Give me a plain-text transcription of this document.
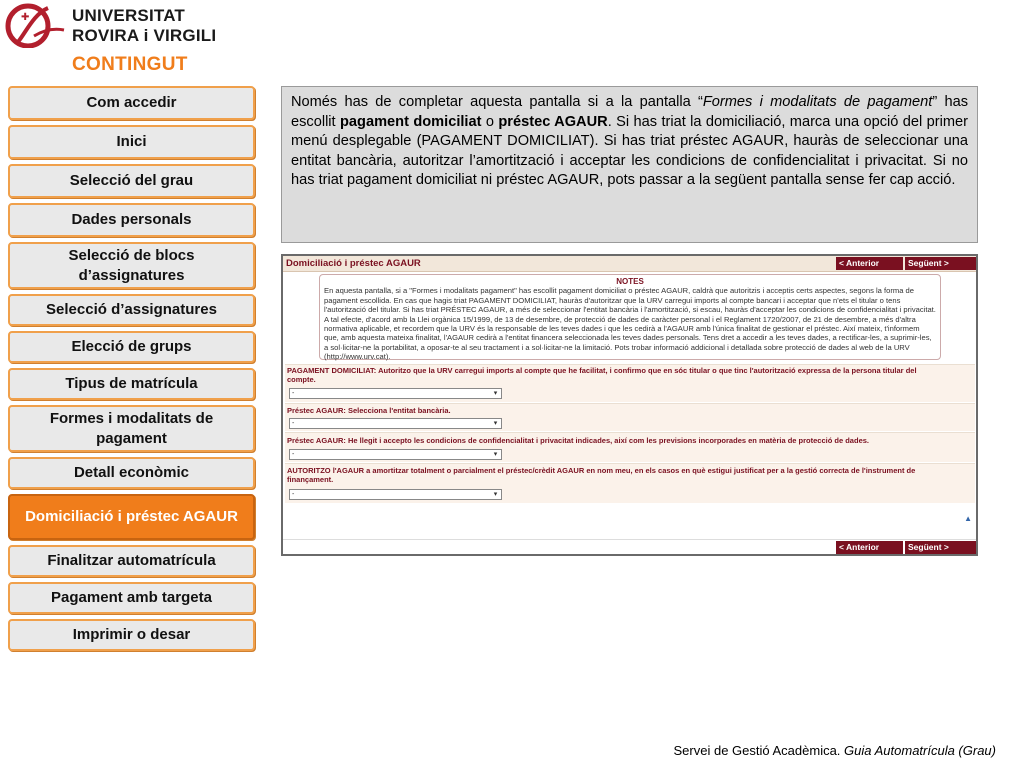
✚	UNIVERSITAT
ROVIRA i VIRGILI
CONTINGUT
Com accedir
Inici
Selecció del grau
Dades personals
Selecció de blocs d’assignatures
Selecció d’assignatures
Elecció de grups
Tipus de matrícula
Formes i modalitats de pagament
Detall econòmic
Domiciliació i préstec AGAUR
Finalitzar automatrícula
Pagament amb targeta
Imprimir o desar
Només has de completar aquesta pantalla si a la pantalla “Formes i modalitats de pagament” has escollit pagament domiciliat o préstec AGAUR. Si has triat la domiciliació, marca una opció del primer menú desplegable (PAGAMENT DOMICILIAT). Si has triat préstec AGAUR, hauràs de seleccionar una entitat bancària, autoritzar l’amortització i acceptar les condicions de confidencialitat i privacitat. Si no has triat pagament domiciliat ni préstec AGAUR, pots passar a la següent pantalla sense fer cap acció.
Domiciliació i préstec AGAUR	< Anterior	Següent >
NOTES
En aquesta pantalla, si a "Formes i modalitats pagament" has escollit pagament domiciliat o préstec AGAUR, caldrà que autoritzis i acceptis certs aspectes, segons la forma de pagament escollida. En cas que hagis triat PAGAMENT DOMICILIAT, hauràs d'autoritzar que la URV carregui imports al compte bancari i acceptar que n'ets el titular o tens l'autorització del titular. Si has triat PRÉSTEC AGAUR, a més de seleccionar l'entitat bancària i l'amortització, si escau, hauràs d'acceptar les condicions de confidencialitat i privacitat. A tal efecte, d'acord amb la Llei orgànica 15/1999, de 13 de desembre, de protecció de dades de caràcter personal i el Reglament 1720/2007, de 21 de desembre, a més d'altra normativa aplicable, et recordem que la URV és la responsable de les teves dades i que les cedirà a l'AGAUR amb l'única finalitat de gestionar el préstec. Així mateix, t'informem que, amb aquesta mateixa finalitat, l'AGAUR cedirà a l'entitat financera seleccionada les teves dades personals. Tens dret a accedir a les teves dades, a rectificar-les, a suprimir-les, a sol·licitar-ne la portabilitat, a oposar-te al seu tractament i a sol·licitar-ne la limitació. Pots trobar informació addicional i detallada sobre protecció de dades al web de la URV (http://www.urv.cat).
PAGAMENT DOMICILIAT: Autoritzo que la URV carregui imports al compte que he facilitat, i confirmo que en sóc titular o que tinc l'autorització expressa de la persona titular del compte.
-	▾
Préstec AGAUR: Selecciona l'entitat bancària.
-	▾
Préstec AGAUR: He llegit i accepto les condicions de confidencialitat i privacitat indicades, així com les previsions incorporades en matèria de protecció de dades.
-	▾
AUTORITZO l'AGAUR a amortitzar totalment o parcialment el préstec/crèdit AGAUR en nom meu, en els casos en què estigui justificat per a la gestió correcta de l'instrument de finançament.
-	▾
▲
< Anterior	Següent >
Servei de Gestió Acadèmica. Guia Automatrícula (Grau)
